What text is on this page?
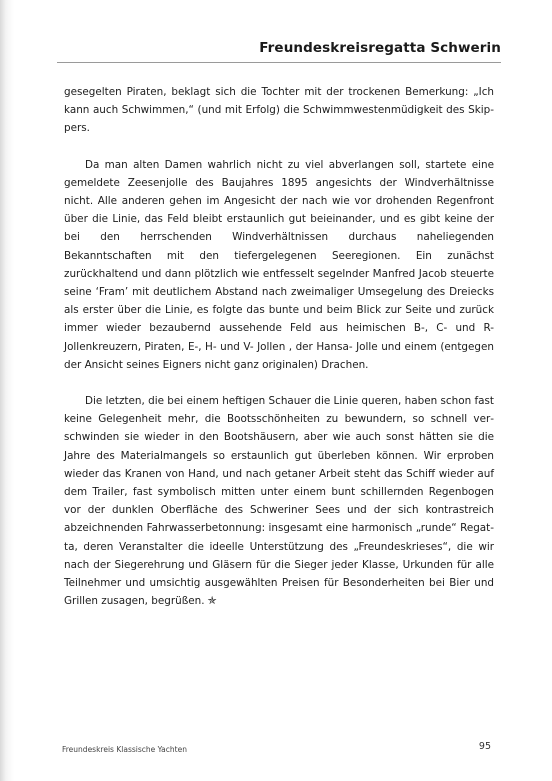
Freundeskreisregatta Schwerin

gesegelten Piraten, beklagt sich die Tochter mit der trockenen Bemerkung: „Ich kann auch Schwimmen,“ (und mit Erfolg) die Schwimmwestenmüdigkeit des Skippers.

Da man alten Damen wahrlich nicht zu viel abverlangen soll, startete eine gemeldete Zeesenjolle des Baujahres 1895 angesichts der Windverhältnisse nicht. Alle anderen gehen im Angesicht der nach wie vor drohenden Regenfront über die Linie, das Feld bleibt erstaunlich gut beieinander, und es gibt keine der bei den herrschenden Windverhältnissen durchaus naheliegenden Bekanntschaften mit den tiefergelegenen Seeregionen. Ein zunächst zurückhaltend und dann plötzlich wie entfesselt segelnder Manfred Jacob steuerte seine ‘Fram’ mit deutlichem Abstand nach zweimaliger Umsegelung des Dreiecks als erster über die Linie, es folgte das bunte und beim Blick zur Seite und zurück immer wieder bezaubernd aussehende Feld aus heimischen B-, C- und R- Jollenkreuzern, Piraten, E-, H- und V- Jollen , der Hansa- Jolle und einem (entgegen der Ansicht seines Eigners nicht ganz originalen) Drachen.

Die letzten, die bei einem heftigen Schauer die Linie queren, haben schon fast keine Gelegenheit mehr, die Bootsschönheiten zu bewundern, so schnell verschwinden sie wieder in den Bootshäusern, aber wie auch sonst hätten sie die Jahre des Materialmangels so erstaunlich gut überleben können. Wir erproben wieder das Kranen von Hand, und nach getaner Arbeit steht das Schiff wieder auf dem Trailer, fast symbolisch mitten unter einem bunt schillernden Regenbogen vor der dunklen Oberfläche des Schweriner Sees und der sich kontrastreich abzeichnenden Fahrwasserbetonnung: insgesamt eine harmonisch „runde“ Regatta, deren Veranstalter die ideelle Unterstützung des „Freundeskrieses“, die wir nach der Siegerehrung und Gläsern für die Sieger jeder Klasse, Urkunden für alle Teilnehmer und umsichtig ausgewählten Preisen für Besonderheiten bei Bier und Grillen zusagen, begrüßen. ✯

Freundeskreis Klassische Yachten	95
